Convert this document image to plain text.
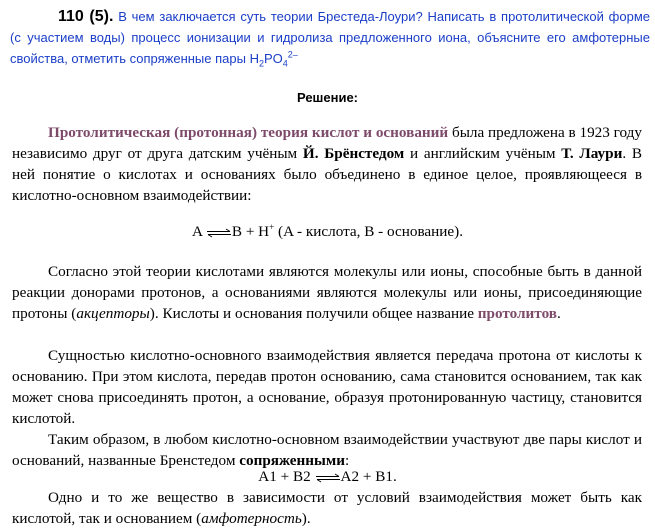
110 (5). В чем заключается суть теории Бреcтеда-Лоури? Написать в протолитической форме (с участием воды) процесс ионизации и гидролиза предложенного иона, объясните его амфотерные свойства, отметить сопряженные пары $H_2PO_4^{2-}$
Решение:
Протолитическая (протонная) теория кислот и оснований была предложена в 1923 году независимо друг от друга датским учёным Й. Брёнстедом и английским учёным Т. Лаури. В ней понятие о кислотах и основаниях было объединено в единое целое, проявляющееся в кислотно-основном взаимодействии:
A ⇌B + H+ (A - кислота, B - основание).
Согласно этой теории кислотами являются молекулы или ионы, способные быть в данной реакции донорами протонов, а основаниями являются молекулы или ионы, присоединяющие протоны (акцепторы). Кислоты и основания получили общее название протолитов.
Сущностью кислотно-основного взаимодействия является передача протона от кислоты к основанию. При этом кислота, передав протон основанию, сама становится основанием, так как может снова присоединять протон, а основание, образуя протонированную частицу, становится кислотой.
Таким образом, в любом кислотно-основном взаимодействии участвуют две пары кислот и оснований, названные Бренстедом сопряженными:
A1 + B2 ⇌A2 + B1.
Одно и то же вещество в зависимости от условий взаимодействия может быть как кислотой, так и основанием (амфотерность).
